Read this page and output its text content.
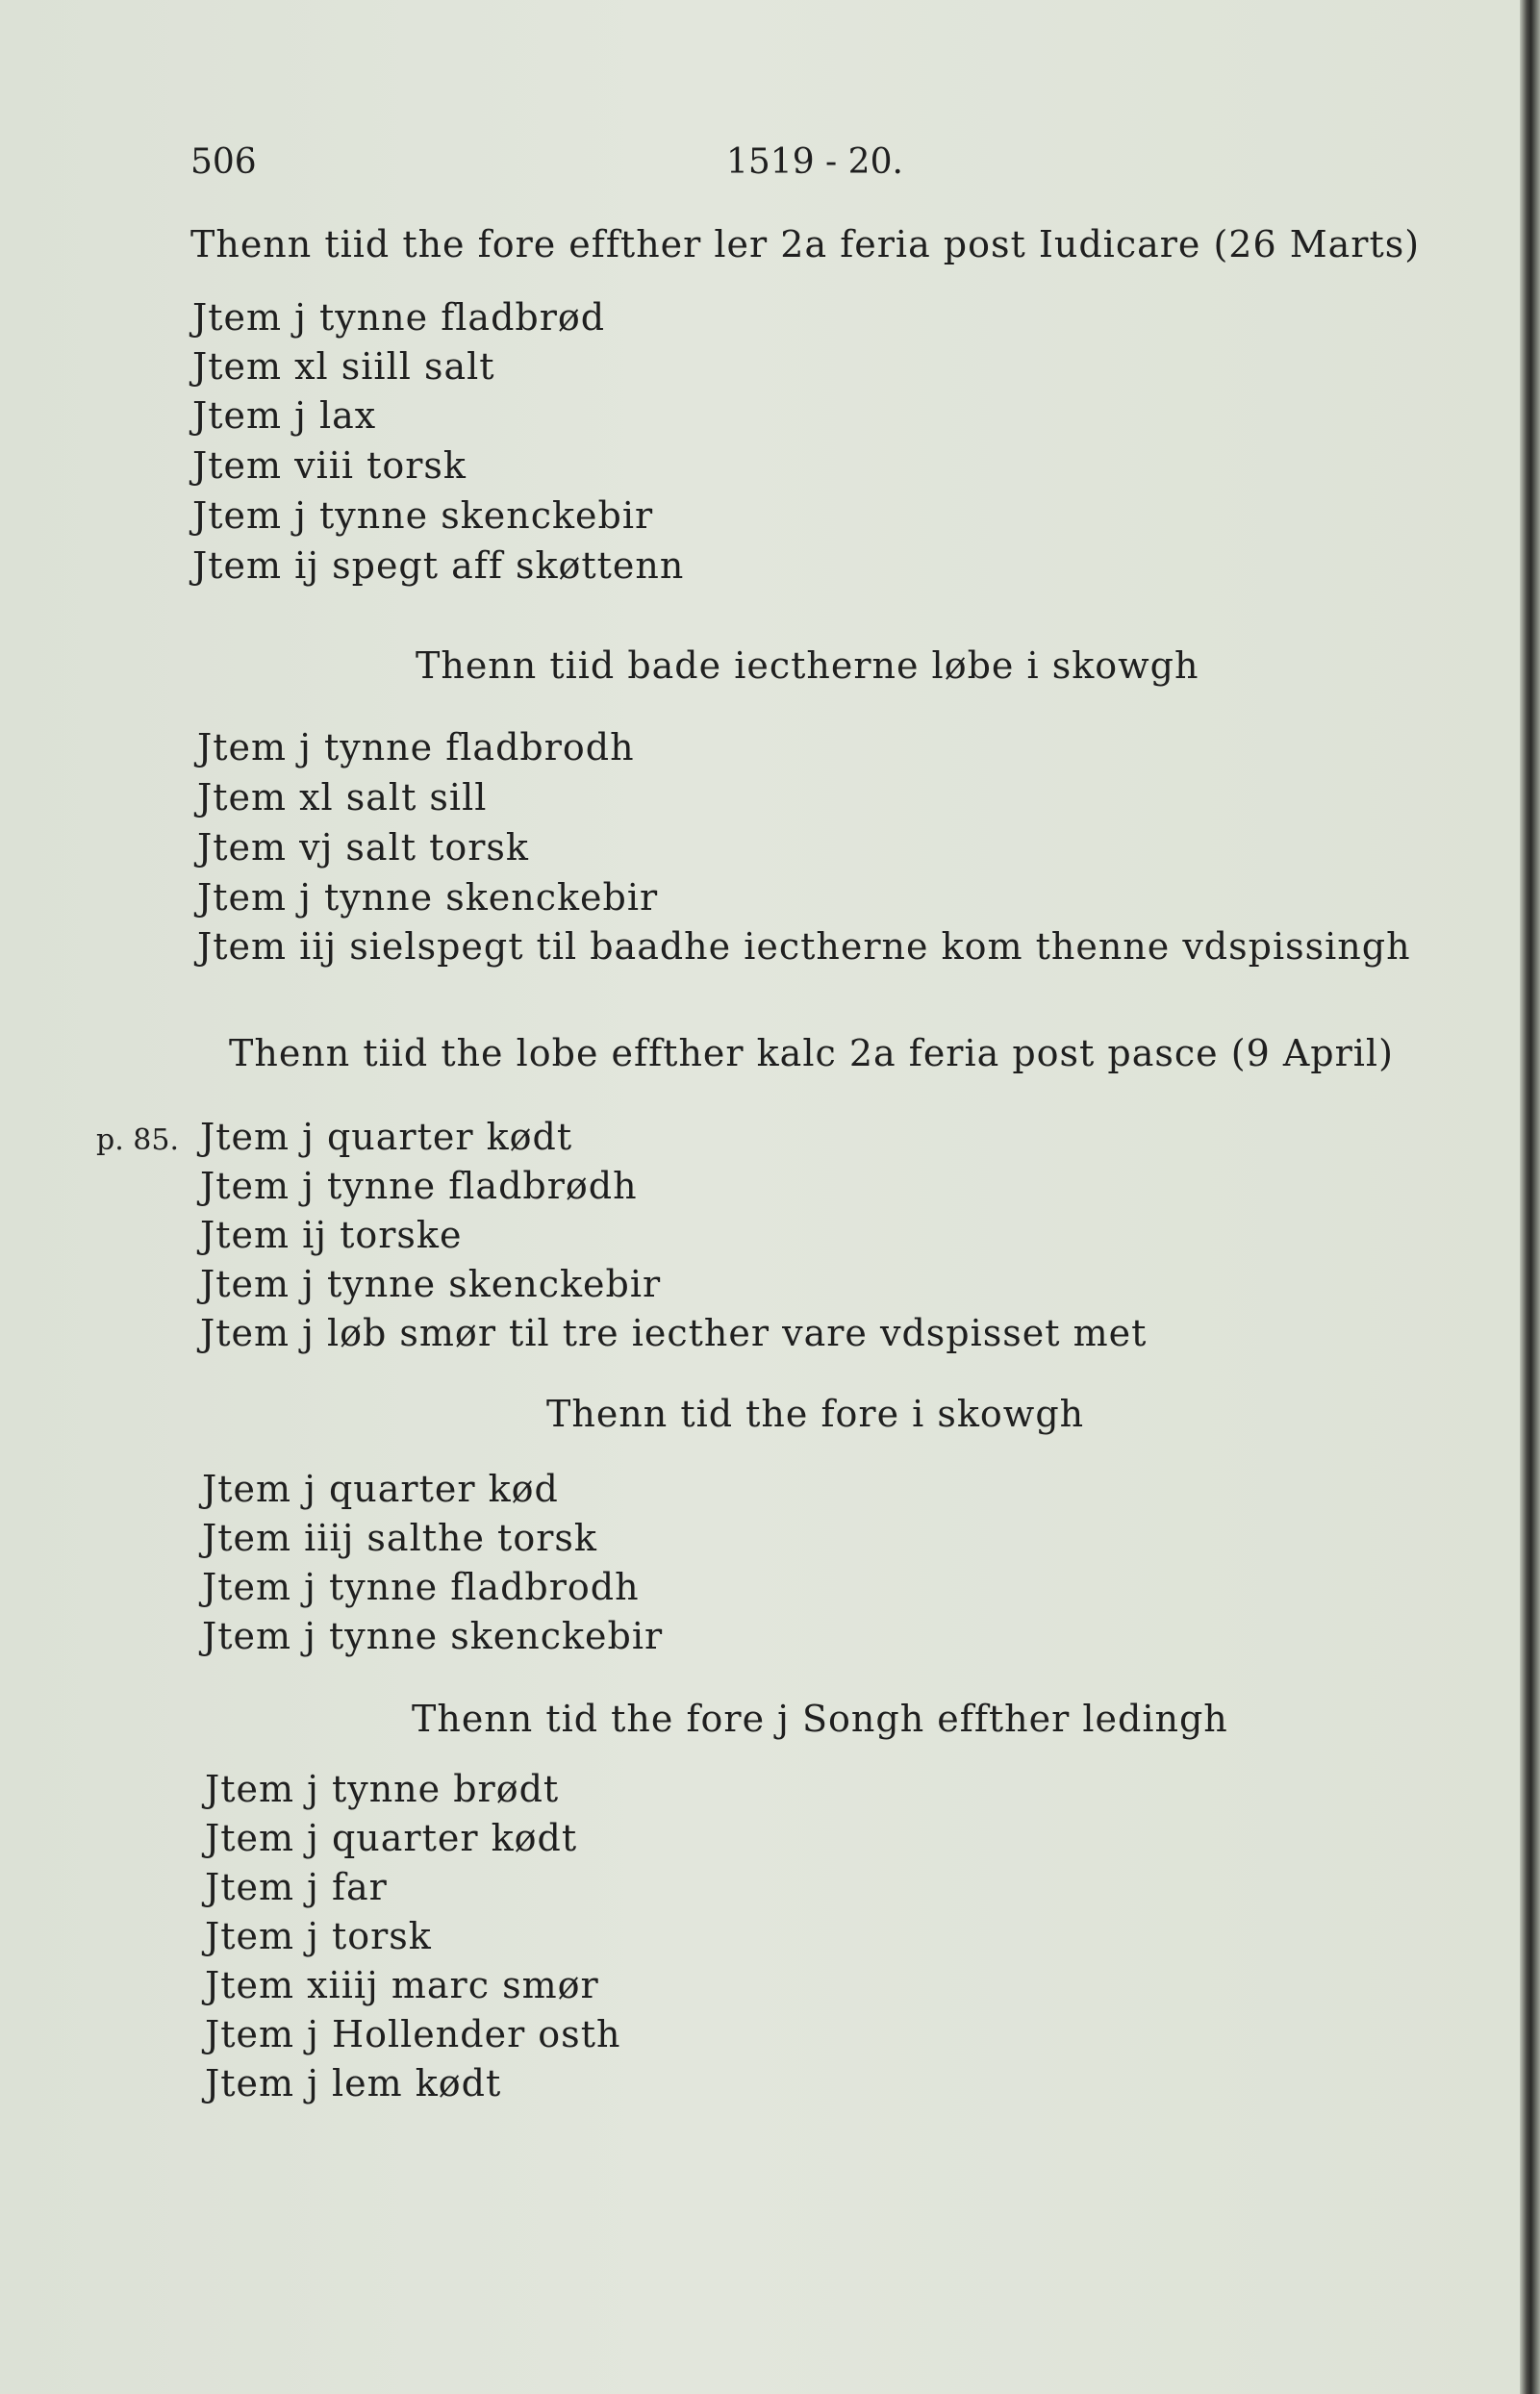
506	1519 - 20.
Thenn tiid the fore effther ler 2a feria post Iudicare (26 Marts)
Jtem j tynne fladbrød
Jtem xl siill salt
Jtem j lax
Jtem viii torsk
Jtem j tynne skenckebir
Jtem ij spegt aff skøttenn
Thenn tiid bade iectherne løbe i skowgh
Jtem j tynne fladbrodh
Jtem xl salt sill
Jtem vj salt torsk
Jtem j tynne skenckebir
Jtem iij sielspegt til baadhe iectherne kom thenne vdspissingh
Thenn tiid the lobe effther kalc 2a feria post pasce (9 April)
p. 85. Jtem j quarter kødt
Jtem j tynne fladbrødh
Jtem ij torske
Jtem j tynne skenckebir
Jtem j løb smør til tre iecther vare vdspisset met
Thenn tid the fore i skowgh
Jtem j quarter kød
Jtem iiij salthe torsk
Jtem j tynne fladbrodh
Jtem j tynne skenckebir
Thenn tid the fore j Songh effther ledingh
Jtem j tynne brødt
Jtem j quarter kødt
Jtem j far
Jtem j torsk
Jtem xiiij marc smør
Jtem j Hollender osth
Jtem j lem kødt
